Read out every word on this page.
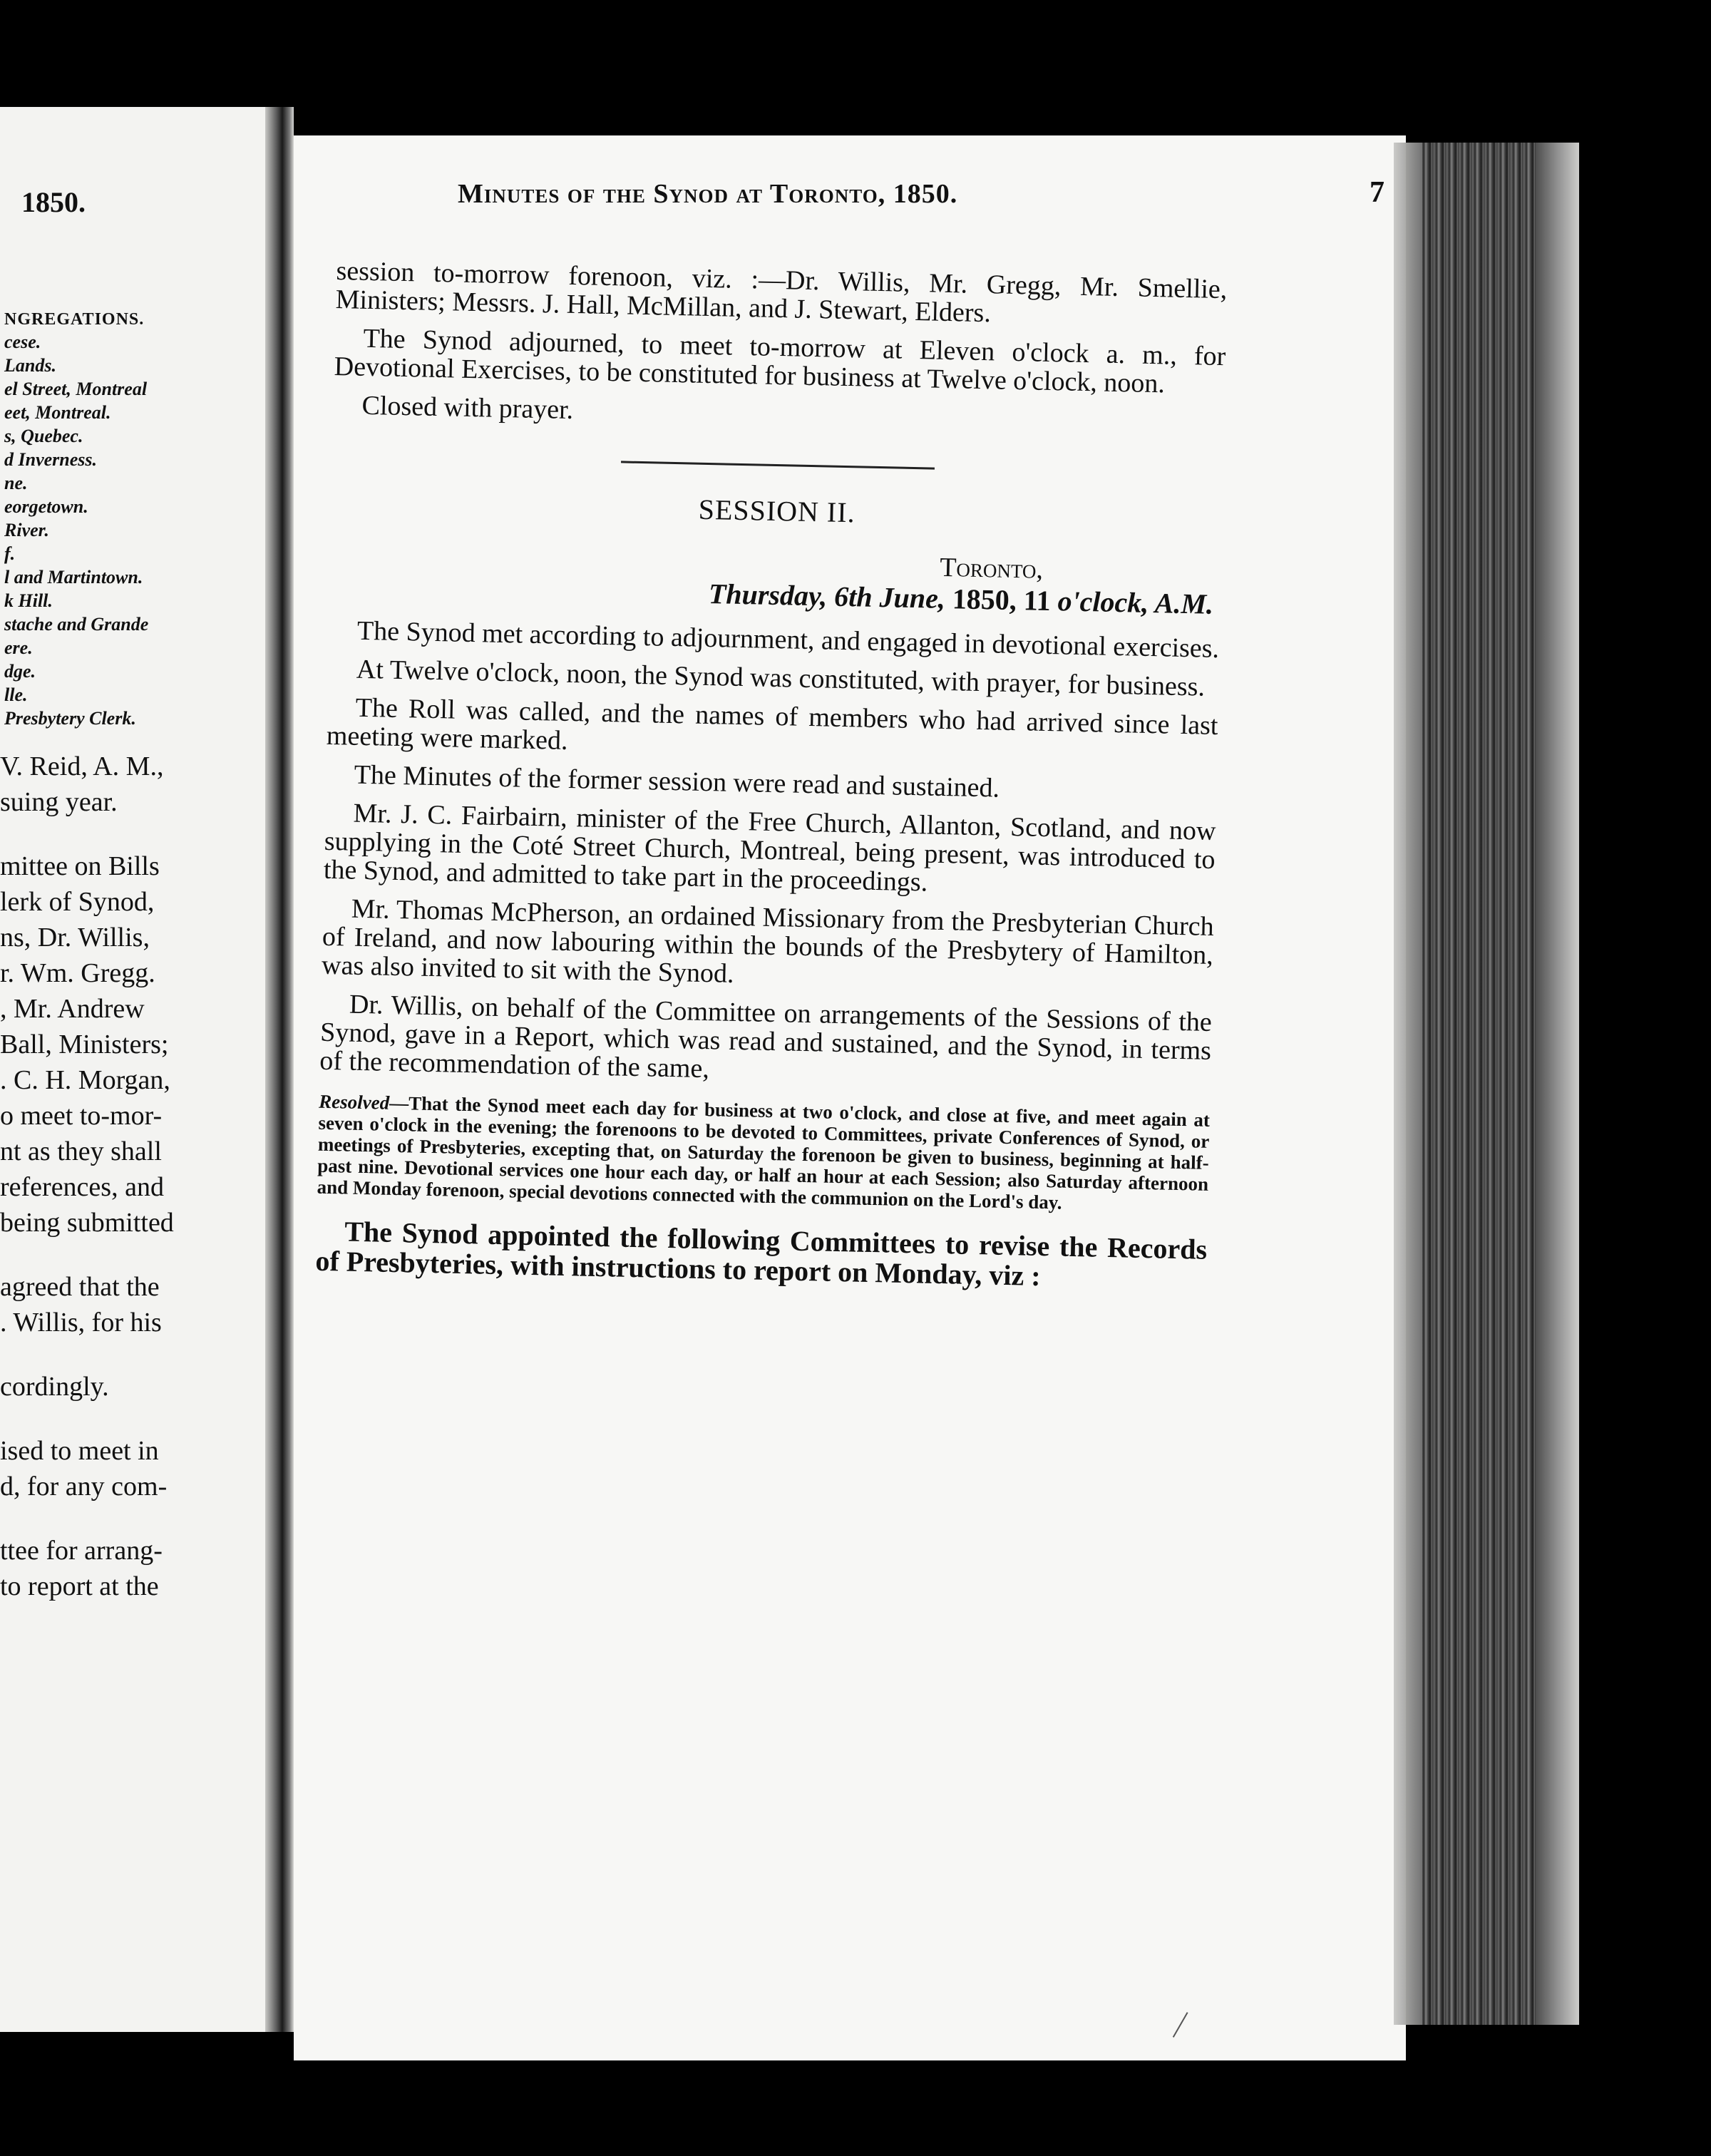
1850.
NGREGATIONS.
cese.
Lands.
el Street, Montreal
eet, Montreal.
s, Quebec.
d Inverness.
ne.
eorgetown.
River.
f.
l and Martintown.
k Hill.
stache and Grande
ere.
dge.
lle.
Presbytery Clerk.
V. Reid, A. M.,
suing year.
mittee on Bills
lerk of Synod,
ns, Dr. Willis,
r. Wm. Gregg.
, Mr. Andrew
Ball, Ministers;
. C. H. Morgan,
o meet to-mor-
nt as they shall
references, and
being submitted
agreed that the
. Willis, for his
cordingly.
ised to meet in
d, for any com-
ttee for arrang-
to report at the
Minutes of the Synod at Toronto, 1850.	7

session to-morrow forenoon, viz. :—Dr. Willis, Mr. Gregg, Mr. Smellie, Ministers; Messrs. J. Hall, McMillan, and J. Stewart, Elders.

The Synod adjourned, to meet to-morrow at Eleven o'clock a. m., for Devotional Exercises, to be constituted for business at Twelve o'clock, noon.

Closed with prayer.

SESSION II.
Toronto,
Thursday, 6th June, 1850, 11 o'clock, A.M.

The Synod met according to adjournment, and engaged in devotional exercises.

At Twelve o'clock, noon, the Synod was constituted, with prayer, for business.

The Roll was called, and the names of members who had arrived since last meeting were marked.

The Minutes of the former session were read and sustained.

Mr. J. C. Fairbairn, minister of the Free Church, Allanton, Scotland, and now supplying in the Coté Street Church, Montreal, being present, was introduced to the Synod, and admitted to take part in the proceedings.

Mr. Thomas McPherson, an ordained Missionary from the Presbyterian Church of Ireland, and now labouring within the bounds of the Presbytery of Hamilton, was also invited to sit with the Synod.

Dr. Willis, on behalf of the Committee on arrangements of the Sessions of the Synod, gave in a Report, which was read and sustained, and the Synod, in terms of the recommendation of the same,

Resolved—That the Synod meet each day for business at two o'clock, and close at five, and meet again at seven o'clock in the evening; the forenoons to be devoted to Committees, private Conferences of Synod, or meetings of Presbyteries, excepting that, on Saturday the forenoon be given to business, beginning at half-past nine. Devotional services one hour each day, or half an hour at each Session; also Saturday afternoon and Monday forenoon, special devotions connected with the communion on the Lord's day.

The Synod appointed the following Committees to revise the Records of Presbyteries, with instructions to report on Monday, viz :
